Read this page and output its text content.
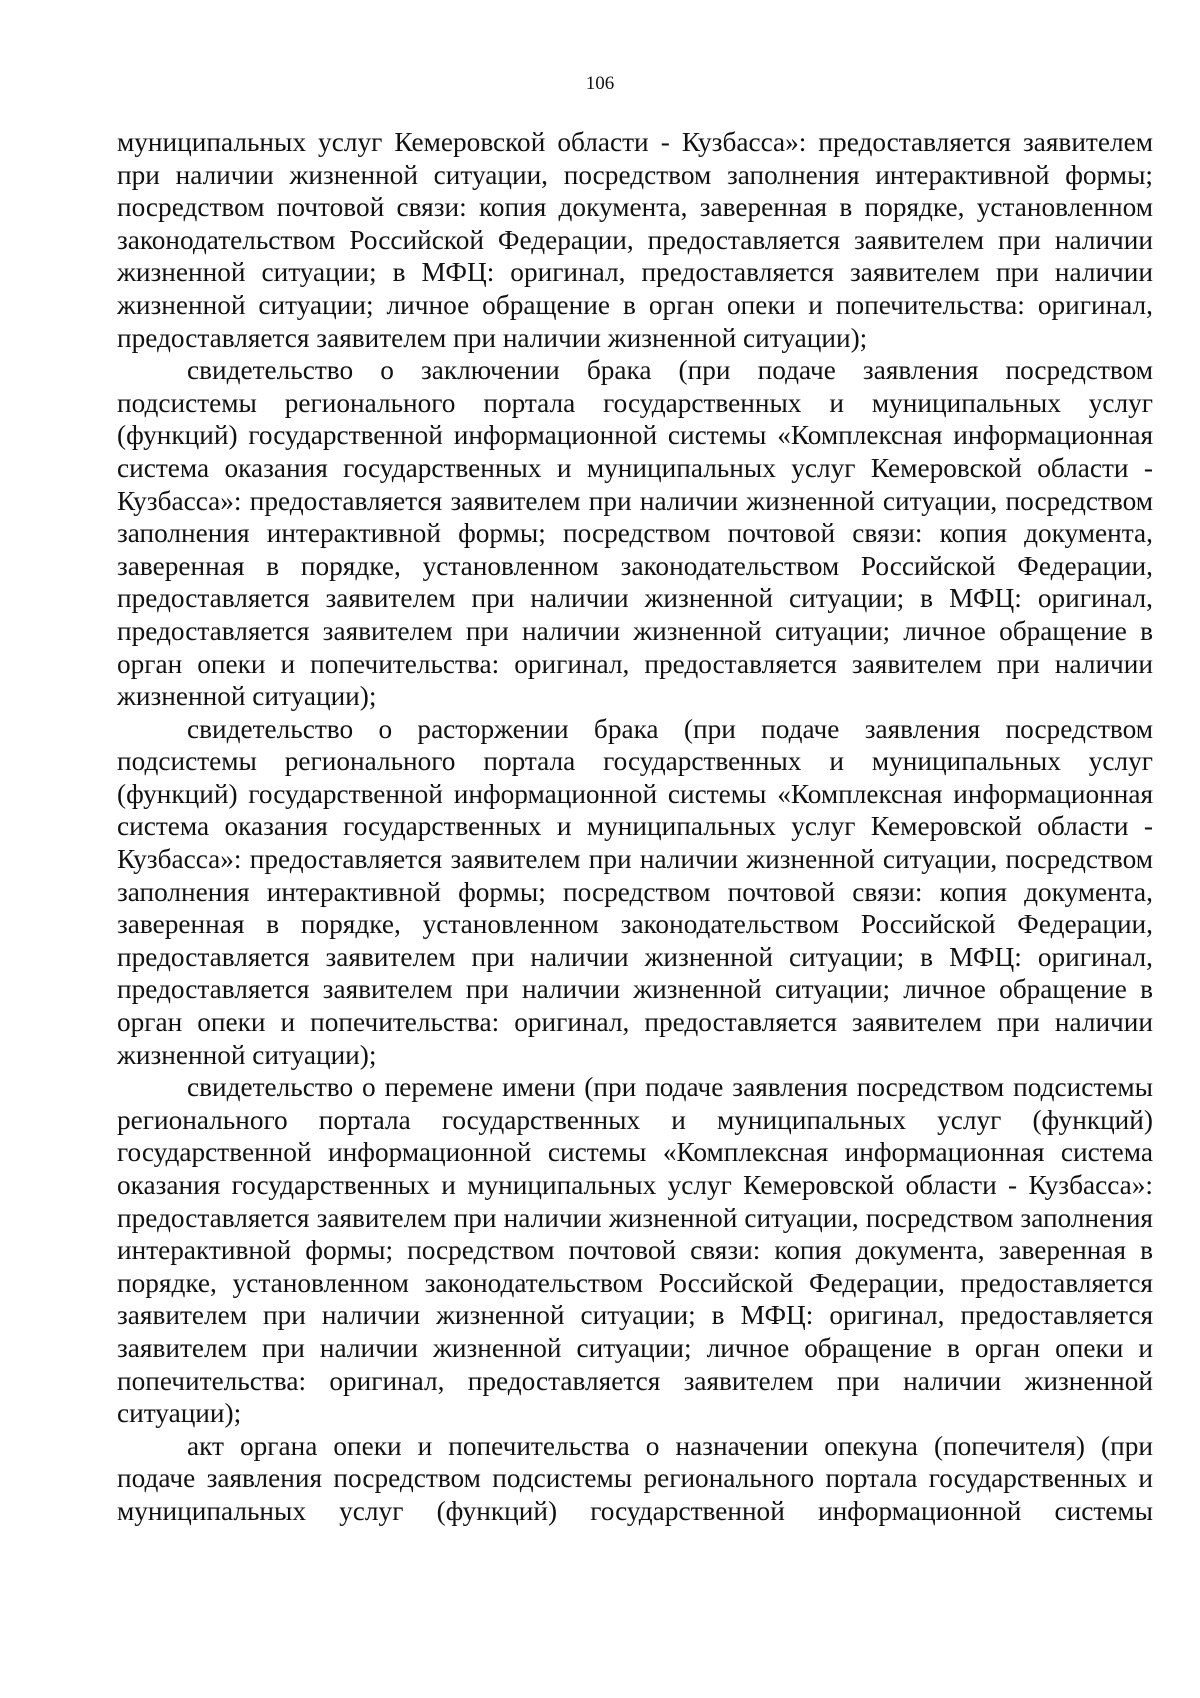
106

муниципальных услуг Кемеровской области - Кузбасса»: предоставляется заявителем при наличии жизненной ситуации, посредством заполнения интерактивной формы; посредством почтовой связи: копия документа, заверенная в порядке, установленном законодательством Российской Федерации, предоставляется заявителем при наличии жизненной ситуации; в МФЦ: оригинал, предоставляется заявителем при наличии жизненной ситуации; личное обращение в орган опеки и попечительства: оригинал, предоставляется заявителем при наличии жизненной ситуации);

свидетельство о заключении брака (при подаче заявления посредством подсистемы регионального портала государственных и муниципальных услуг (функций) государственной информационной системы «Комплексная информационная система оказания государственных и муниципальных услуг Кемеровской области - Кузбасса»: предоставляется заявителем при наличии жизненной ситуации, посредством заполнения интерактивной формы; посредством почтовой связи: копия документа, заверенная в порядке, установленном законодательством Российской Федерации, предоставляется заявителем при наличии жизненной ситуации; в МФЦ: оригинал, предоставляется заявителем при наличии жизненной ситуации; личное обращение в орган опеки и попечительства: оригинал, предоставляется заявителем при наличии жизненной ситуации);

свидетельство о расторжении брака (при подаче заявления посредством подсистемы регионального портала государственных и муниципальных услуг (функций) государственной информационной системы «Комплексная информационная система оказания государственных и муниципальных услуг Кемеровской области - Кузбасса»: предоставляется заявителем при наличии жизненной ситуации, посредством заполнения интерактивной формы; посредством почтовой связи: копия документа, заверенная в порядке, установленном законодательством Российской Федерации, предоставляется заявителем при наличии жизненной ситуации; в МФЦ: оригинал, предоставляется заявителем при наличии жизненной ситуации; личное обращение в орган опеки и попечительства: оригинал, предоставляется заявителем при наличии жизненной ситуации);

свидетельство о перемене имени (при подаче заявления посредством подсистемы регионального портала государственных и муниципальных услуг (функций) государственной информационной системы «Комплексная информационная система оказания государственных и муниципальных услуг Кемеровской области - Кузбасса»: предоставляется заявителем при наличии жизненной ситуации, посредством заполнения интерактивной формы; посредством почтовой связи: копия документа, заверенная в порядке, установленном законодательством Российской Федерации, предоставляется заявителем при наличии жизненной ситуации; в МФЦ: оригинал, предоставляется заявителем при наличии жизненной ситуации; личное обращение в орган опеки и попечительства: оригинал, предоставляется заявителем при наличии жизненной ситуации);

акт органа опеки и попечительства о назначении опекуна (попечителя) (при подаче заявления посредством подсистемы регионального портала государственных и муниципальных услуг (функций) государственной информационной системы
